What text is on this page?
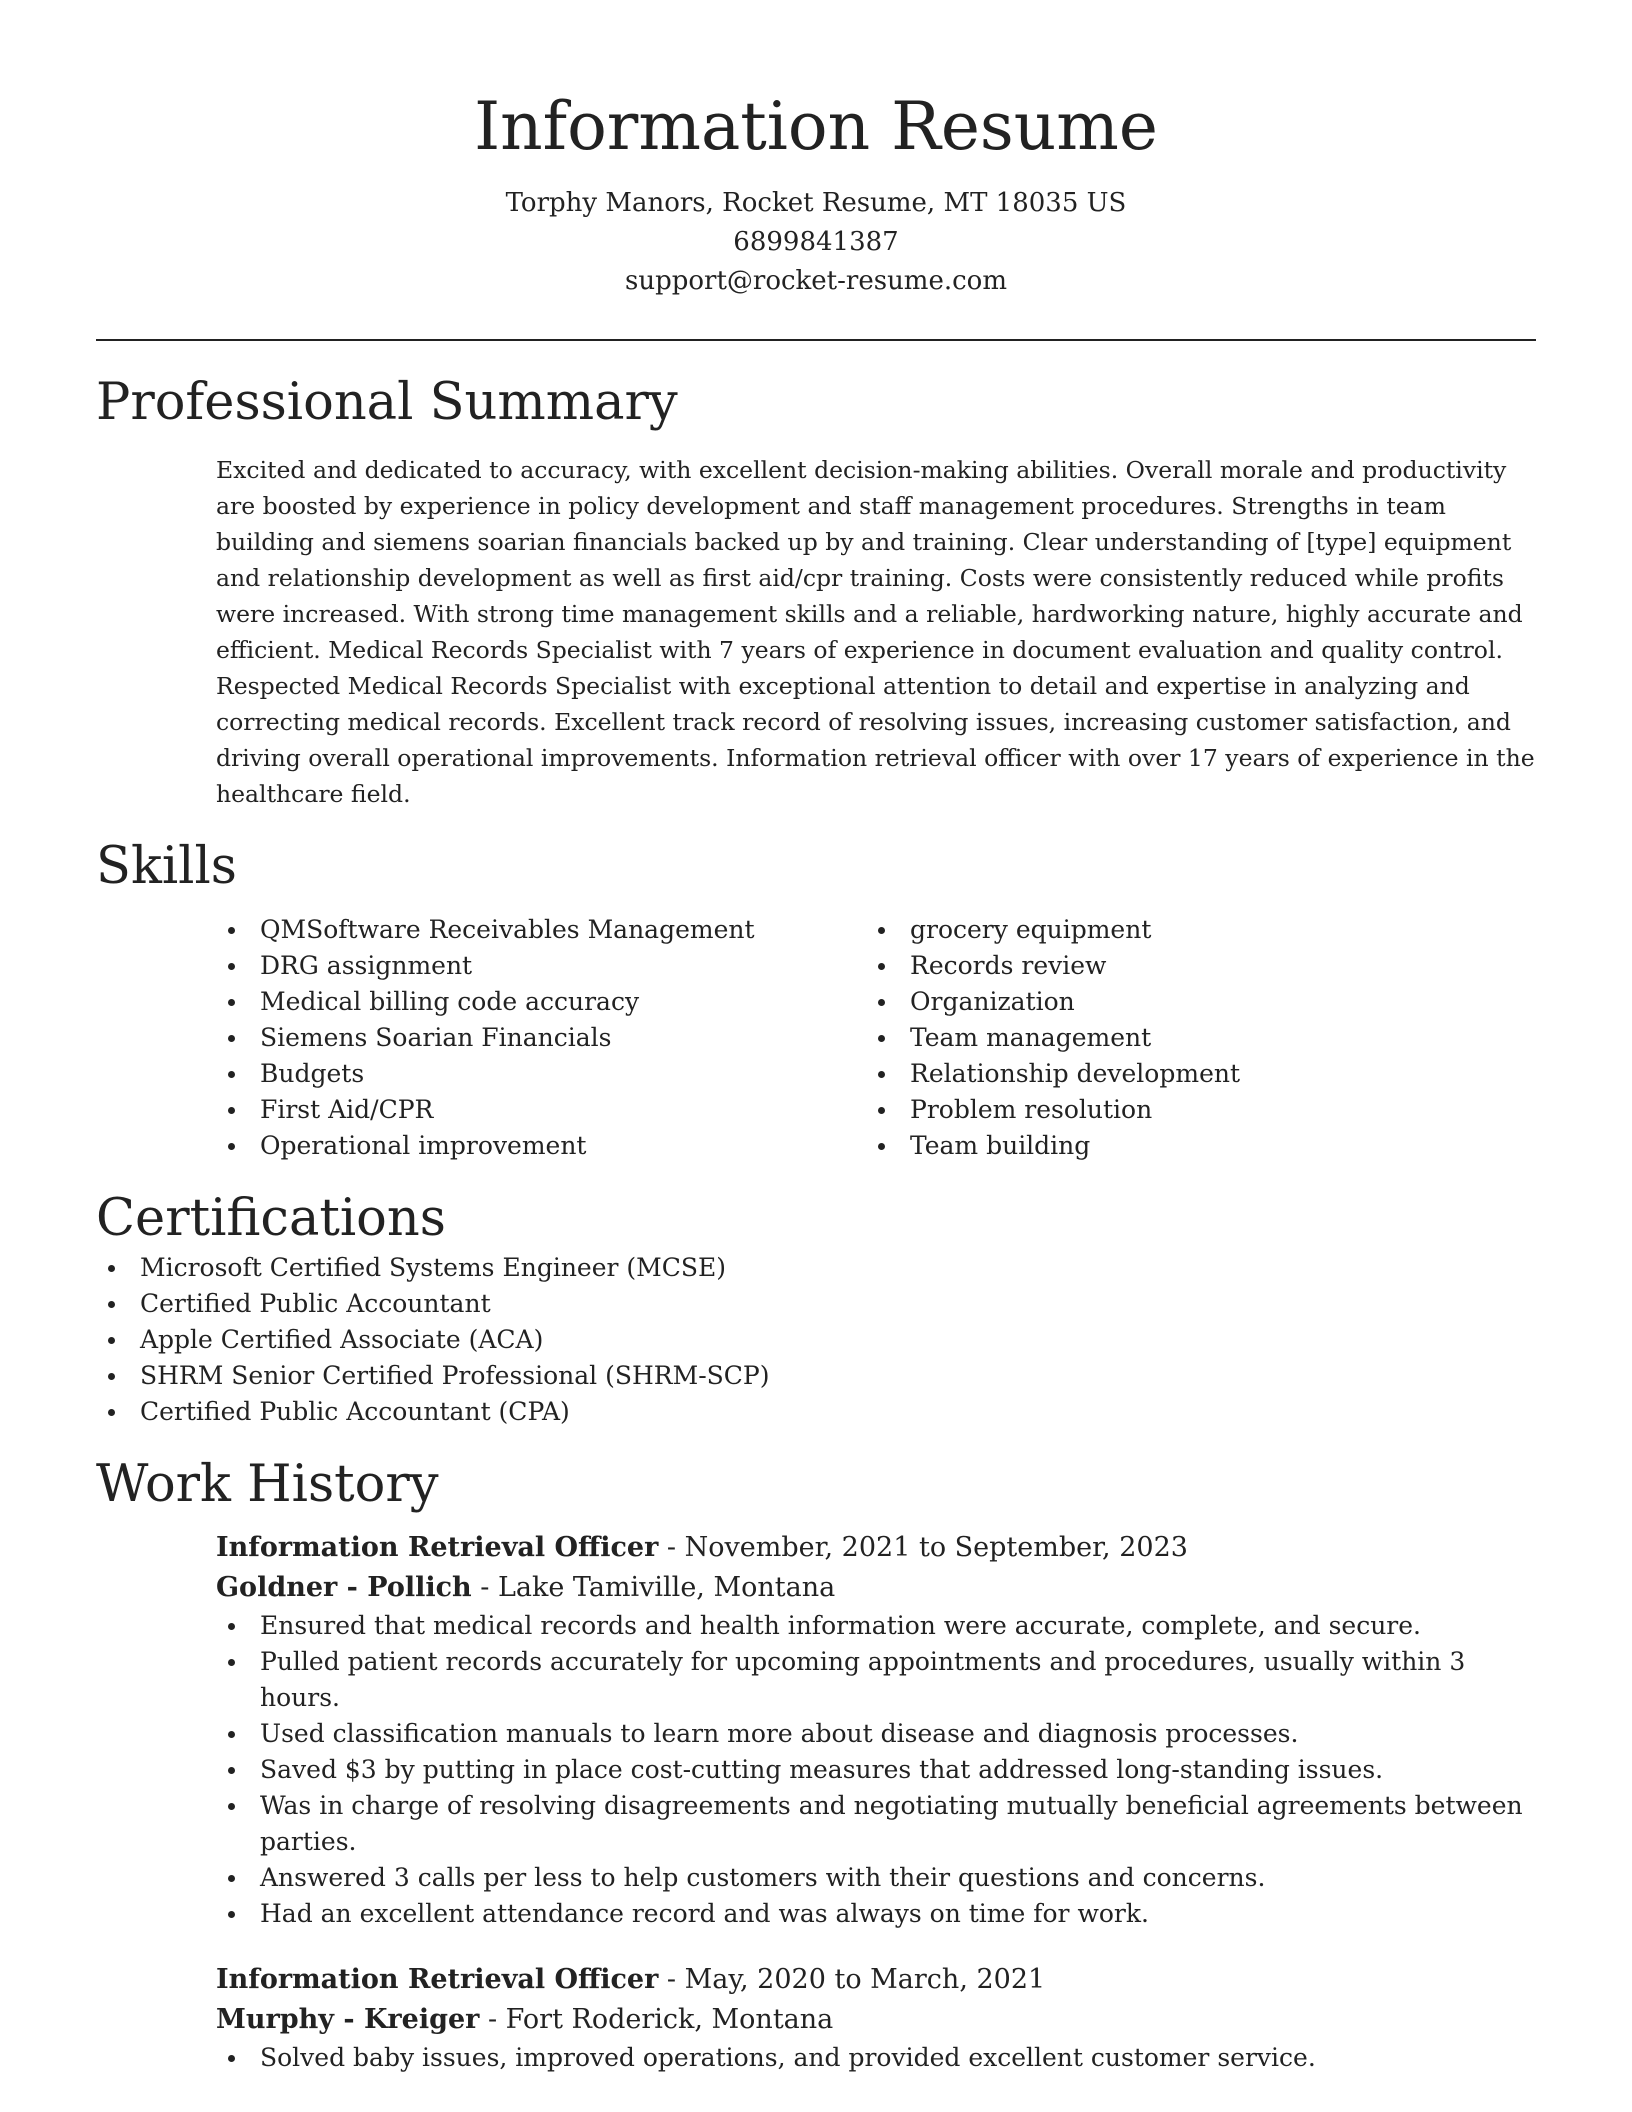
Information Resume

Torphy Manors, Rocket Resume, MT 18035 US

6899841387

support@rocket-resume.com

Professional Summary

Excited and dedicated to accuracy, with excellent decision-making abilities. Overall morale and productivity are boosted by experience in policy development and staff management procedures. Strengths in team building and siemens soarian financials backed up by and training. Clear understanding of [type] equipment and relationship development as well as first aid/cpr training. Costs were consistently reduced while profits were increased. With strong time management skills and a reliable, hardworking nature, highly accurate and efficient. Medical Records Specialist with 7 years of experience in document evaluation and quality control. Respected Medical Records Specialist with exceptional attention to detail and expertise in analyzing and correcting medical records. Excellent track record of resolving issues, increasing customer satisfaction, and driving overall operational improvements. Information retrieval officer with over 17 years of experience in the healthcare field.

Skills
QMSoftware Receivables Management
DRG assignment
Medical billing code accuracy
Siemens Soarian Financials
Budgets
First Aid/CPR
Operational improvement
grocery equipment
Records review
Organization
Team management
Relationship development
Problem resolution
Team building
Certifications
Microsoft Certified Systems Engineer (MCSE)
Certified Public Accountant
Apple Certified Associate (ACA)
SHRM Senior Certified Professional (SHRM-SCP)
Certified Public Accountant (CPA)
Work History

Information Retrieval Officer - November, 2021 to September, 2023

Goldner - Pollich - Lake Tamiville, Montana

Ensured that medical records and health information were accurate, complete, and secure.
Pulled patient records accurately for upcoming appointments and procedures, usually within 3 hours.
Used classification manuals to learn more about disease and diagnosis processes.
Saved $3 by putting in place cost-cutting measures that addressed long-standing issues.
Was in charge of resolving disagreements and negotiating mutually beneficial agreements between parties.
Answered 3 calls per less to help customers with their questions and concerns.
Had an excellent attendance record and was always on time for work.

Information Retrieval Officer - May, 2020 to March, 2021

Murphy - Kreiger - Fort Roderick, Montana

Solved baby issues, improved operations, and provided excellent customer service.
